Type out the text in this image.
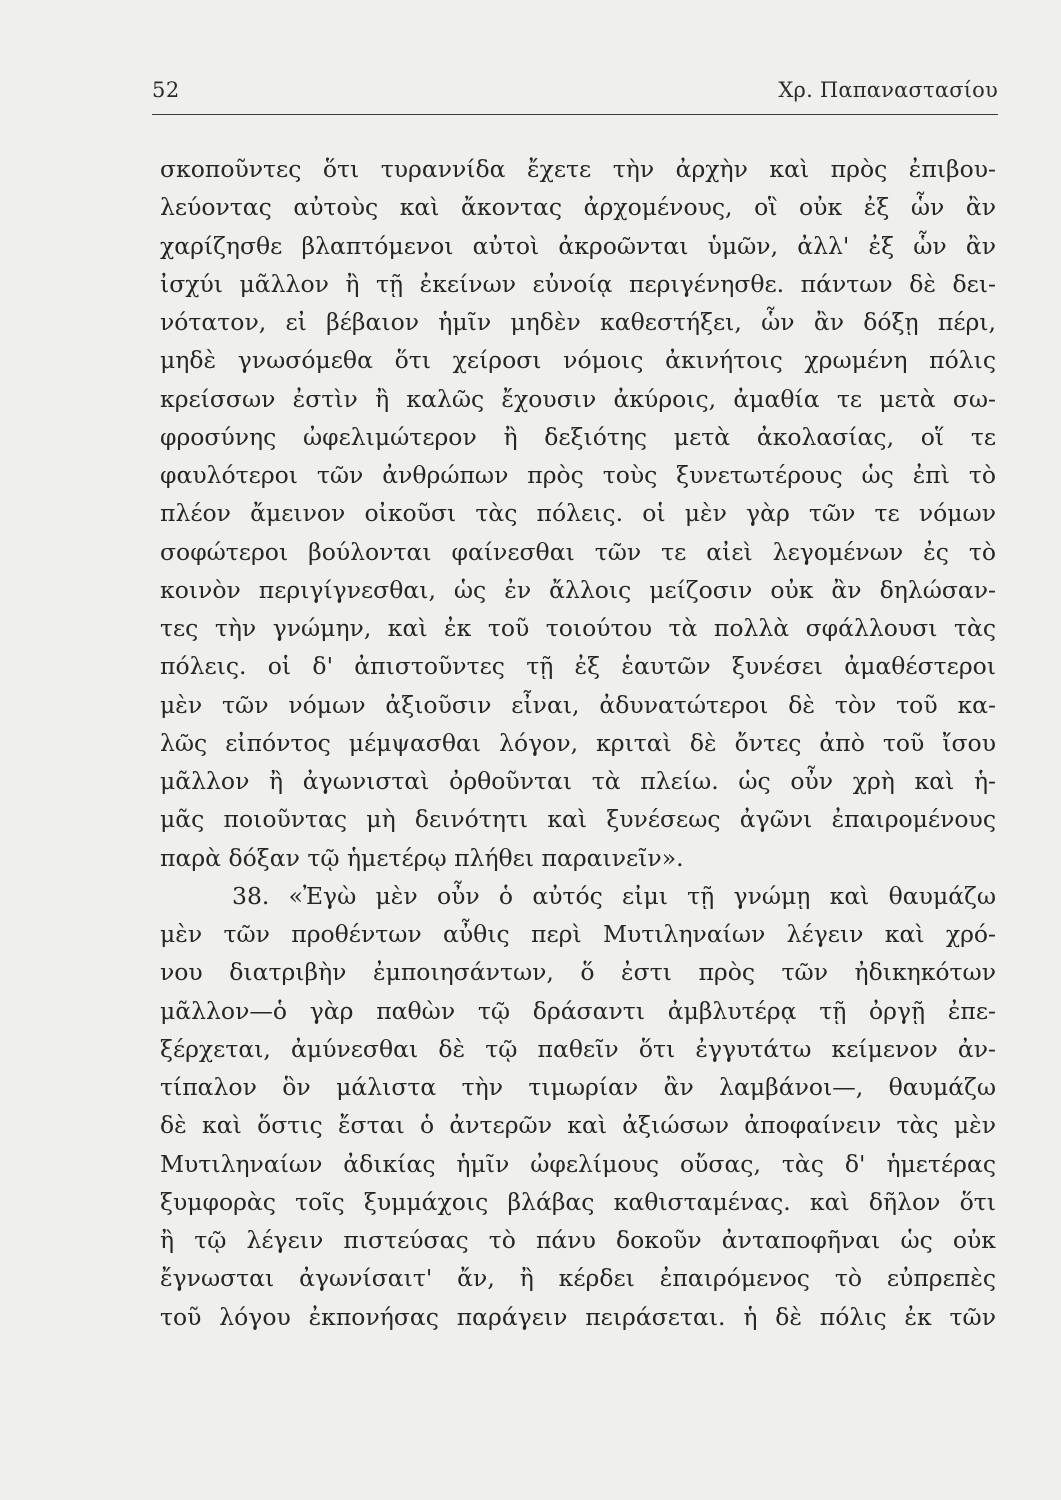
52	Χρ. Παπαναστασίου
σκοποῦντες ὅτι τυραννίδα ἔχετε τὴν ἀρχὴν καὶ πρὸς ἐπιβου-
λεύοντας αὐτοὺς καὶ ἄκοντας ἀρχομένους, οἳ οὐκ ἐξ ὧν ἂν
χαρίζησθε βλαπτόμενοι αὐτοὶ ἀκροῶνται ὑμῶν, ἀλλ' ἐξ ὧν ἂν
ἰσχύι μᾶλλον ἢ τῇ ἐκείνων εὐνοίᾳ περιγένησθε. πάντων δὲ δει-
νότατον, εἰ βέβαιον ἡμῖν μηδὲν καθεστήξει, ὧν ἂν δόξῃ πέρι,
μηδὲ γνωσόμεθα ὅτι χείροσι νόμοις ἀκινήτοις χρωμένη πόλις
κρείσσων ἐστὶν ἢ καλῶς ἔχουσιν ἀκύροις, ἀμαθία τε μετὰ σω-
φροσύνης ὠφελιμώτερον ἢ δεξιότης μετὰ ἀκολασίας, οἵ τε
φαυλότεροι τῶν ἀνθρώπων πρὸς τοὺς ξυνετωτέρους ὡς ἐπὶ τὸ
πλέον ἄμεινον οἰκοῦσι τὰς πόλεις. οἱ μὲν γὰρ τῶν τε νόμων
σοφώτεροι βούλονται φαίνεσθαι τῶν τε αἰεὶ λεγομένων ἐς τὸ
κοινὸν περιγίγνεσθαι, ὡς ἐν ἄλλοις μείζοσιν οὐκ ἂν δηλώσαν-
τες τὴν γνώμην, καὶ ἐκ τοῦ τοιούτου τὰ πολλὰ σφάλλουσι τὰς
πόλεις. οἱ δ' ἀπιστοῦντες τῇ ἐξ ἑαυτῶν ξυνέσει ἀμαθέστεροι
μὲν τῶν νόμων ἀξιοῦσιν εἶναι, ἀδυνατώτεροι δὲ τὸν τοῦ κα-
λῶς εἰπόντος μέμψασθαι λόγον, κριταὶ δὲ ὄντες ἀπὸ τοῦ ἴσου
μᾶλλον ἢ ἀγωνισταὶ ὀρθοῦνται τὰ πλείω. ὡς οὖν χρὴ καὶ ἡ-
μᾶς ποιοῦντας μὴ δεινότητι καὶ ξυνέσεως ἀγῶνι ἐπαιρομένους
παρὰ δόξαν τῷ ἡμετέρῳ πλήθει παραινεῖν».
38. «Ἐγὼ μὲν οὖν ὁ αὐτός εἰμι τῇ γνώμῃ καὶ θαυμάζω
μὲν τῶν προθέντων αὖθις περὶ Μυτιληναίων λέγειν καὶ χρό-
νου διατριβὴν ἐμποιησάντων, ὅ ἐστι πρὸς τῶν ἠδικηκότων
μᾶλλον—ὁ γὰρ παθὼν τῷ δράσαντι ἀμβλυτέρᾳ τῇ ὀργῇ ἐπε-
ξέρχεται, ἀμύνεσθαι δὲ τῷ παθεῖν ὅτι ἐγγυτάτω κείμενον ἀν-
τίπαλον ὃν μάλιστα τὴν τιμωρίαν ἂν λαμβάνοι—, θαυμάζω
δὲ καὶ ὅστις ἔσται ὁ ἀντερῶν καὶ ἀξιώσων ἀποφαίνειν τὰς μὲν
Μυτιληναίων ἀδικίας ἡμῖν ὠφελίμους οὔσας, τὰς δ' ἡμετέρας
ξυμφορὰς τοῖς ξυμμάχοις βλάβας καθισταμένας. καὶ δῆλον ὅτι
ἢ τῷ λέγειν πιστεύσας τὸ πάνυ δοκοῦν ἀνταποφῆναι ὡς οὐκ
ἔγνωσται ἀγωνίσαιτ' ἄν, ἢ κέρδει ἐπαιρόμενος τὸ εὐπρεπὲς
τοῦ λόγου ἐκπονήσας παράγειν πειράσεται. ἡ δὲ πόλις ἐκ τῶν
